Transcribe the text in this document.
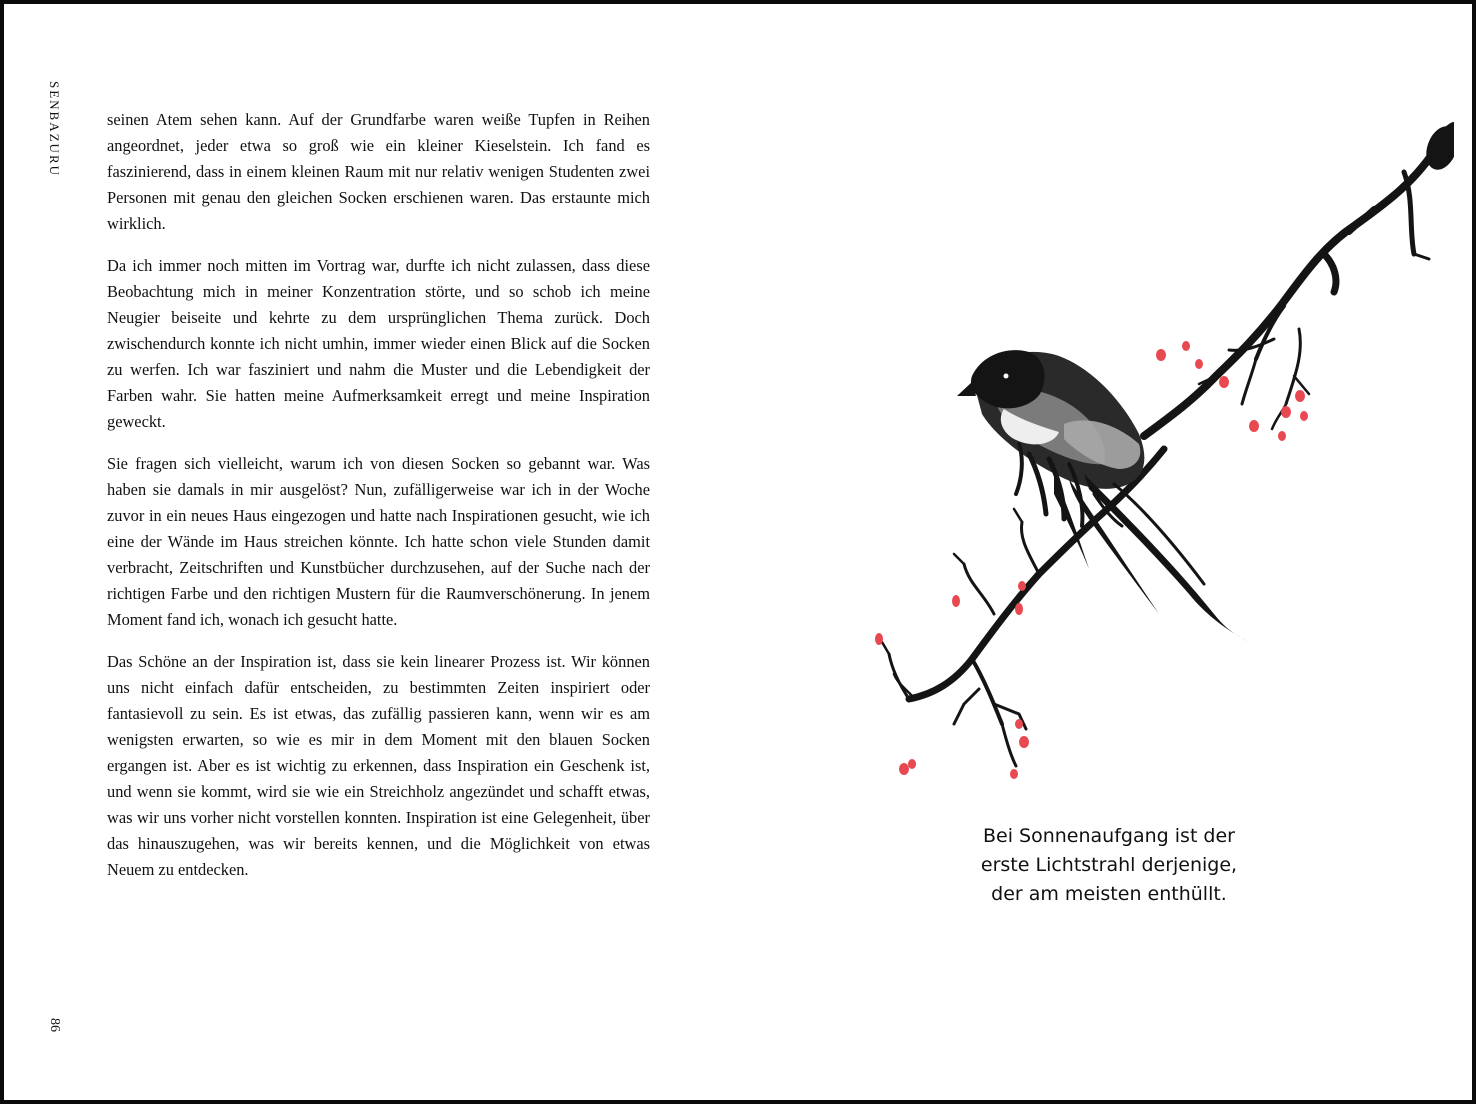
SENBAZURU	seinen Atem sehen kann. Auf der Grundfarbe waren weiße Tupfen in Reihen angeordnet, jeder etwa so groß wie ein kleiner Kieselstein. Ich fand es faszinierend, dass in einem kleinen Raum mit nur relativ wenigen Studenten zwei Personen mit genau den gleichen Socken erschienen waren. Das erstaunte mich wirklich.

Da ich immer noch mitten im Vortrag war, durfte ich nicht zulassen, dass diese Beobachtung mich in meiner Konzentration störte, und so schob ich meine Neugier beiseite und kehrte zu dem ursprünglichen Thema zurück. Doch zwischendurch konnte ich nicht umhin, immer wieder einen Blick auf die Socken zu werfen. Ich war fasziniert und nahm die Muster und die Lebendigkeit der Farben wahr. Sie hatten meine Aufmerksamkeit erregt und meine Inspiration geweckt.

Sie fragen sich vielleicht, warum ich von diesen Socken so gebannt war. Was haben sie damals in mir ausgelöst? Nun, zufälligerweise war ich in der Woche zuvor in ein neues Haus eingezogen und hatte nach Inspirationen gesucht, wie ich eine der Wände im Haus streichen könnte. Ich hatte schon viele Stunden damit verbracht, Zeitschriften und Kunstbücher durchzusehen, auf der Suche nach der richtigen Farbe und den richtigen Mustern für die Raumverschönerung. In jenem Moment fand ich, wonach ich gesucht hatte.

Das Schöne an der Inspiration ist, dass sie kein linearer Prozess ist. Wir können uns nicht einfach dafür entscheiden, zu bestimmten Zeiten inspiriert oder fantasievoll zu sein. Es ist etwas, das zufällig passieren kann, wenn wir es am wenigsten erwarten, so wie es mir in dem Moment mit den blauen Socken ergangen ist. Aber es ist wichtig zu erkennen, dass Inspiration ein Geschenk ist, und wenn sie kommt, wird sie wie ein Streichholz angezündet und schafft etwas, was wir uns vorher nicht vorstellen konnten. Inspiration ist eine Gelegenheit, über das hinauszugehen, was wir bereits kennen, und die Möglichkeit von etwas Neuem zu entdecken.

86
Bei Sonnenaufgang ist der
erste Lichtstrahl derjenige,
der am meisten enthüllt.
